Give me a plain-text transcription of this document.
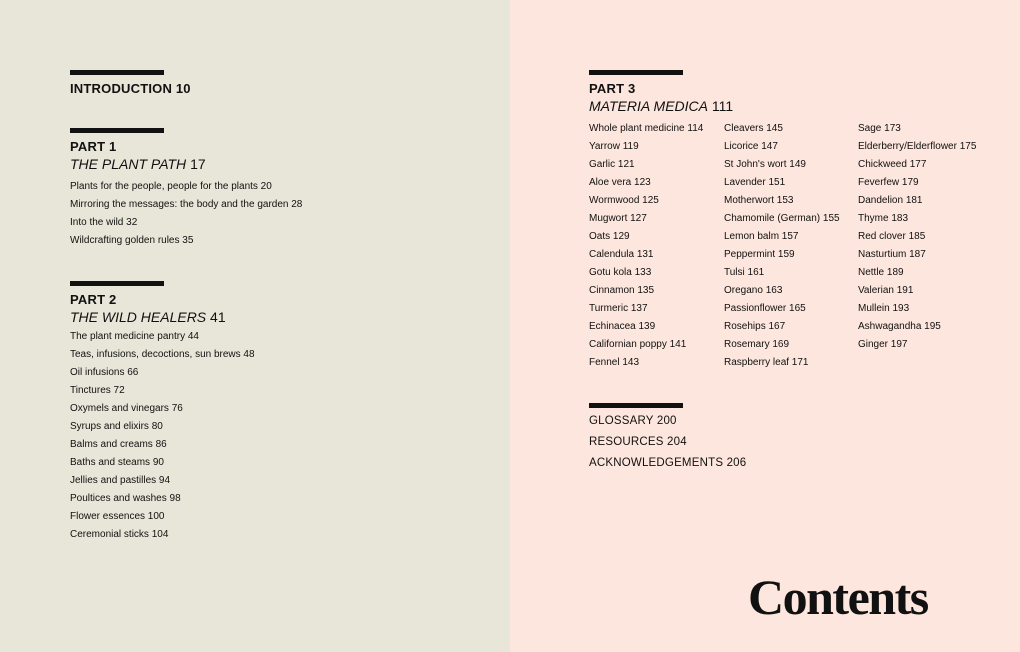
INTRODUCTION 10
PART 1
THE PLANT PATH 17
Plants for the people, people for the plants 20
Mirroring the messages: the body and the garden 28
Into the wild 32
Wildcrafting golden rules 35
PART 2
THE WILD HEALERS 41
The plant medicine pantry 44
Teas, infusions, decoctions, sun brews 48
Oil infusions 66
Tinctures 72
Oxymels and vinegars 76
Syrups and elixirs 80
Balms and creams 86
Baths and steams 90
Jellies and pastilles 94
Poultices and washes 98
Flower essences 100
Ceremonial sticks 104
PART 3
MATERIA MEDICA 111
Whole plant medicine 114
Yarrow 119
Garlic 121
Aloe vera 123
Wormwood 125
Mugwort 127
Oats 129
Calendula 131
Gotu kola 133
Cinnamon 135
Turmeric 137
Echinacea 139
Californian poppy 141
Fennel 143
Cleavers 145
Licorice 147
St John's wort 149
Lavender 151
Motherwort 153
Chamomile (German) 155
Lemon balm 157
Peppermint 159
Tulsi 161
Oregano 163
Passionflower 165
Rosehips 167
Rosemary 169
Raspberry leaf 171
Sage 173
Elderberry/Elderflower 175
Chickweed 177
Feverfew 179
Dandelion 181
Thyme 183
Red clover 185
Nasturtium 187
Nettle 189
Valerian 191
Mullein 193
Ashwagandha 195
Ginger 197
GLOSSARY 200
RESOURCES 204
ACKNOWLEDGEMENTS 206
Contents
